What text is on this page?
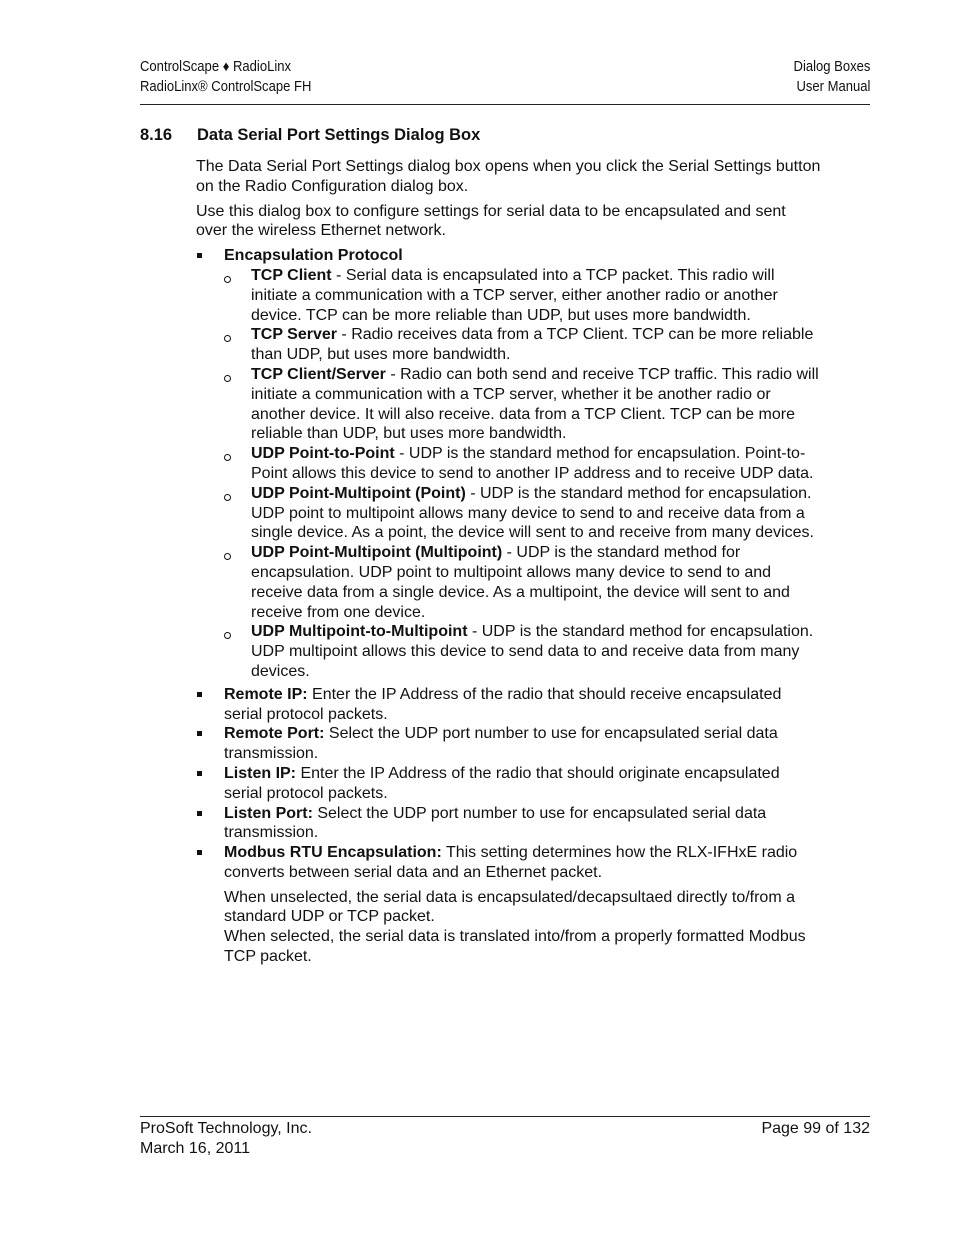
ControlScape ♦ RadioLinx
RadioLinx® ControlScape FH
Dialog Boxes
User Manual
8.16 Data Serial Port Settings Dialog Box

The Data Serial Port Settings dialog box opens when you click the Serial Settings button on the Radio Configuration dialog box.

Use this dialog box to configure settings for serial data to be encapsulated and sent over the wireless Ethernet network.

Encapsulation Protocol
TCP Client - Serial data is encapsulated into a TCP packet. This radio will initiate a communication with a TCP server, either another radio or another device. TCP can be more reliable than UDP, but uses more bandwidth.
TCP Server - Radio receives data from a TCP Client. TCP can be more reliable than UDP, but uses more bandwidth.
TCP Client/Server - Radio can both send and receive TCP traffic. This radio will initiate a communication with a TCP server, whether it be another radio or another device. It will also receive. data from a TCP Client. TCP can be more reliable than UDP, but uses more bandwidth.
UDP Point-to-Point - UDP is the standard method for encapsulation. Point-to-Point allows this device to send to another IP address and to receive UDP data.
UDP Point-Multipoint (Point) - UDP is the standard method for encapsulation. UDP point to multipoint allows many device to send to and receive data from a single device. As a point, the device will sent to and receive from many devices.
UDP Point-Multipoint (Multipoint) - UDP is the standard method for encapsulation. UDP point to multipoint allows many device to send to and receive data from a single device. As a multipoint, the device will sent to and receive from one device.
UDP Multipoint-to-Multipoint - UDP is the standard method for encapsulation. UDP multipoint allows this device to send data to and receive data from many devices.
Remote IP: Enter the IP Address of the radio that should receive encapsulated serial protocol packets.
Remote Port: Select the UDP port number to use for encapsulated serial data transmission.
Listen IP: Enter the IP Address of the radio that should originate encapsulated serial protocol packets.
Listen Port: Select the UDP port number to use for encapsulated serial data transmission.
Modbus RTU Encapsulation: This setting determines how the RLX-IFHxE radio converts between serial data and an Ethernet packet.

When unselected, the serial data is encapsulated/decapsultaed directly to/from a standard UDP or TCP packet.

When selected, the serial data is translated into/from a properly formatted Modbus TCP packet.

ProSoft Technology, Inc.
March 16, 2011
Page 99 of 132
